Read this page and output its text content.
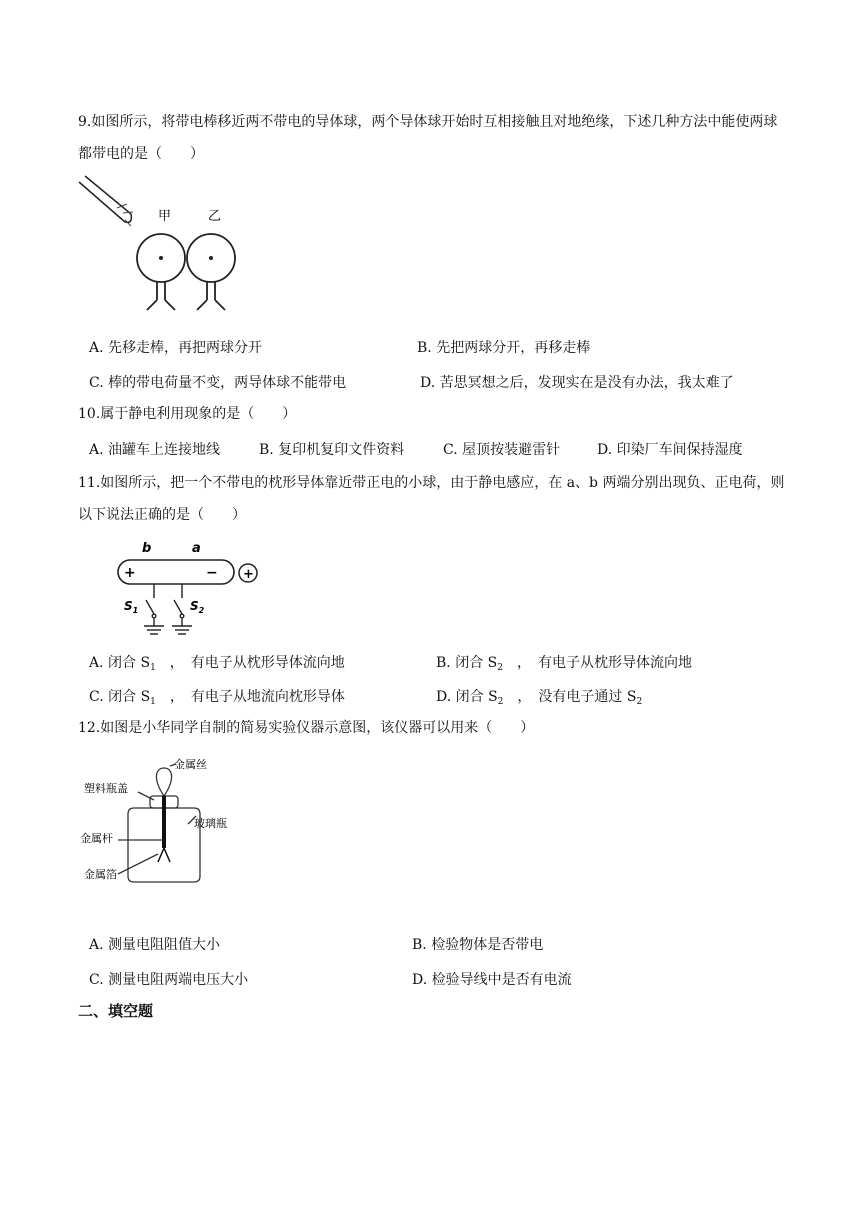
9.如图所示，将带电棒移近两不带电的导体球，两个导体球开始时互相接触且对地绝缘，下述几种方法中能使两球都带电的是（　　）
甲	乙
A. 先移走棒，再把两球分开	B. 先把两球分开，再移走棒
C. 棒的带电荷量不变，两导体球不能带电	D. 苦思冥想之后，发现实在是没有办法，我太难了
10.属于静电利用现象的是（　　）
A. 油罐车上连接地线	B. 复印机复印文件资料	C. 屋顶按装避雷针	D. 印染厂车间保持湿度
11.如图所示，把一个不带电的枕形导体靠近带正电的小球，由于静电感应，在 a、b 两端分别出现负、正电荷，则以下说法正确的是（　　）
b	a
+	− +
$S_1$	$S_2$
A. 闭合 $S_1$　，　有电子从枕形导体流向地	B. 闭合 $S_2$　，　有电子从枕形导体流向地
C. 闭合 $S_1$　，　有电子从地流向枕形导体	D. 闭合 $S_2$　，　没有电子通过 $S_2$
12.如图是小华同学自制的简易实验仪器示意图，该仪器可以用来（　　）
金属丝
塑料瓶盖
玻璃瓶
金属杆
金属箔
A. 测量电阻阻值大小	B. 检验物体是否带电
C. 测量电阻两端电压大小	D. 检验导线中是否有电流
二、填空题
